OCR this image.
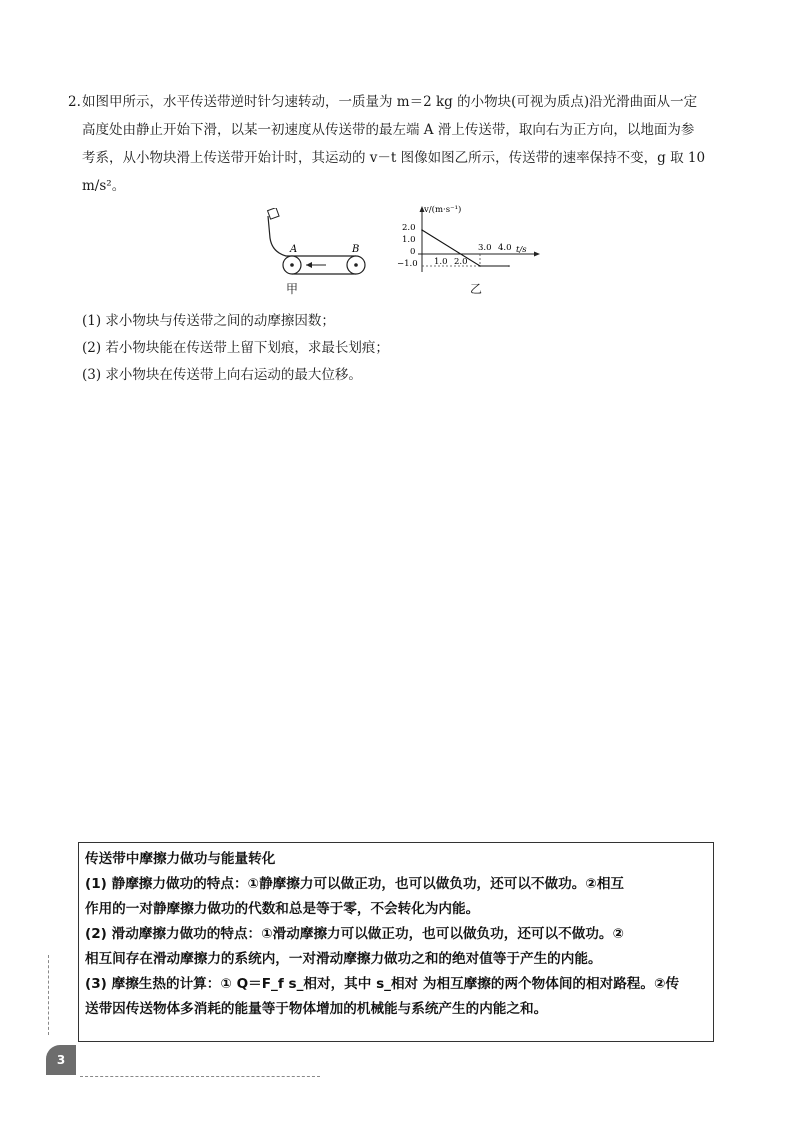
2.如图甲所示，水平传送带逆时针匀速转动，一质量为 m＝2 kg 的小物块(可视为质点)沿光滑曲面从一定
高度处由静止开始下滑，以某一初速度从传送带的最左端 A 滑上传送带，取向右为正方向，以地面为参
考系，从小物块滑上传送带开始计时，其运动的 v－t 图像如图乙所示，传送带的速率保持不变，g 取 10
m/s²。
A	B
甲
v/(m·s⁻¹)
t/s
2.0
1.0
0
−1.0 1.0 2.0
3.0 4.0
乙
(1) 求小物块与传送带之间的动摩擦因数；
(2) 若小物块能在传送带上留下划痕，求最长划痕；
(3) 求小物块在传送带上向右运动的最大位移。
传送带中摩擦力做功与能量转化
(1) 静摩擦力做功的特点：①静摩擦力可以做正功，也可以做负功，还可以不做功。②相互
作用的一对静摩擦力做功的代数和总是等于零，不会转化为内能。
(2) 滑动摩擦力做功的特点：①滑动摩擦力可以做正功，也可以做负功，还可以不做功。②
相互间存在滑动摩擦力的系统内，一对滑动摩擦力做功之和的绝对值等于产生的内能。
(3) 摩擦生热的计算：① Q＝F_f s_相对，其中 s_相对 为相互摩擦的两个物体间的相对路程。②传
送带因传送物体多消耗的能量等于物体增加的机械能与系统产生的内能之和。
3
